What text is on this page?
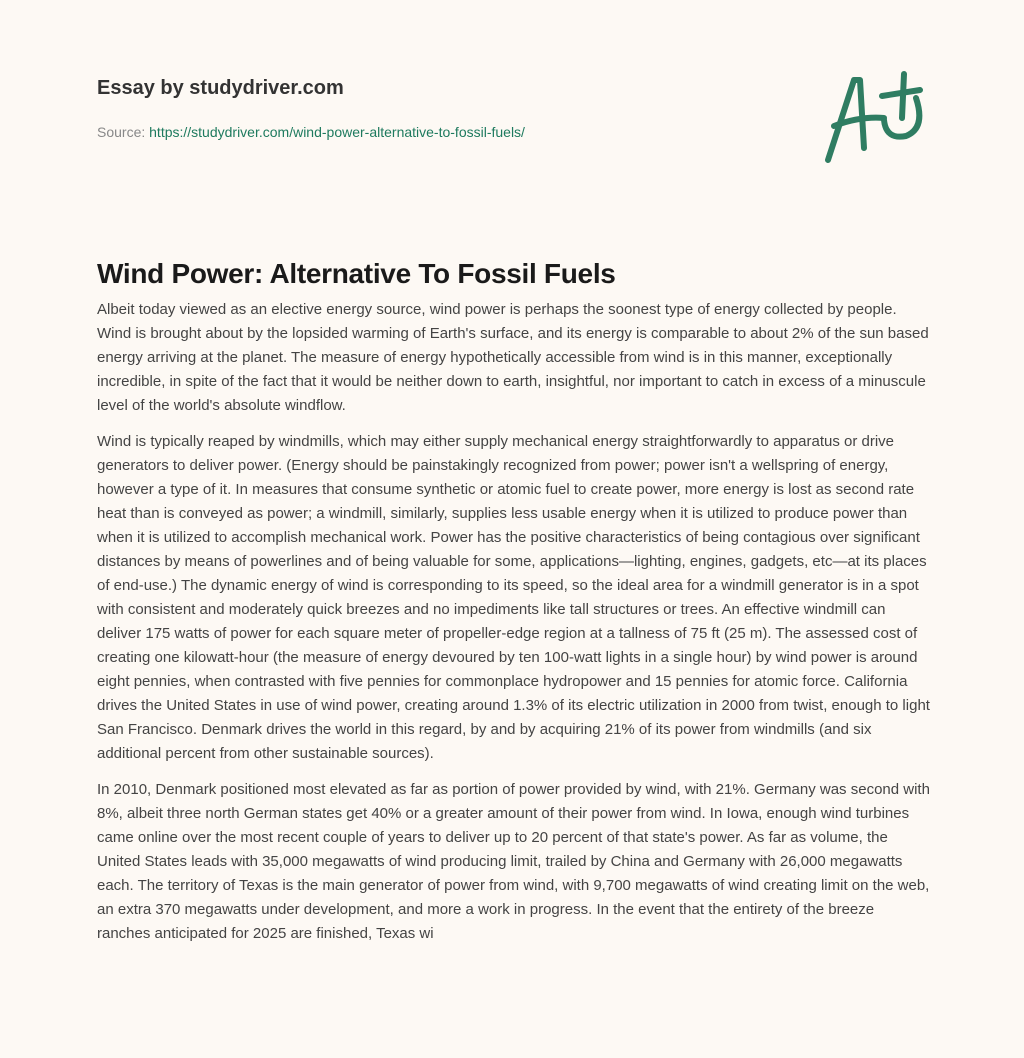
Essay by studydriver.com
Source: https://studydriver.com/wind-power-alternative-to-fossil-fuels/
Wind Power: Alternative To Fossil Fuels

Albeit today viewed as an elective energy source, wind power is perhaps the soonest type of energy collected by people. Wind is brought about by the lopsided warming of Earth's surface, and its energy is comparable to about 2% of the sun based energy arriving at the planet. The measure of energy hypothetically accessible from wind is in this manner, exceptionally incredible, in spite of the fact that it would be neither down to earth, insightful, nor important to catch in excess of a minuscule level of the world's absolute windflow.

Wind is typically reaped by windmills, which may either supply mechanical energy straightforwardly to apparatus or drive generators to deliver power. (Energy should be painstakingly recognized from power; power isn't a wellspring of energy, however a type of it. In measures that consume synthetic or atomic fuel to create power, more energy is lost as second rate heat than is conveyed as power; a windmill, similarly, supplies less usable energy when it is utilized to produce power than when it is utilized to accomplish mechanical work. Power has the positive characteristics of being contagious over significant distances by means of powerlines and of being valuable for some, applications—lighting, engines, gadgets, etc—at its places of end-use.) The dynamic energy of wind is corresponding to its speed, so the ideal area for a windmill generator is in a spot with consistent and moderately quick breezes and no impediments like tall structures or trees. An effective windmill can deliver 175 watts of power for each square meter of propeller-edge region at a tallness of 75 ft (25 m). The assessed cost of creating one kilowatt-hour (the measure of energy devoured by ten 100-watt lights in a single hour) by wind power is around eight pennies, when contrasted with five pennies for commonplace hydropower and 15 pennies for atomic force. California drives the United States in use of wind power, creating around 1.3% of its electric utilization in 2000 from twist, enough to light San Francisco. Denmark drives the world in this regard, by and by acquiring 21% of its power from windmills (and six additional percent from other sustainable sources).

In 2010, Denmark positioned most elevated as far as portion of power provided by wind, with 21%. Germany was second with 8%, albeit three north German states get 40% or a greater amount of their power from wind. In Iowa, enough wind turbines came online over the most recent couple of years to deliver up to 20 percent of that state's power. As far as volume, the United States leads with 35,000 megawatts of wind producing limit, trailed by China and Germany with 26,000 megawatts each. The territory of Texas is the main generator of power from wind, with 9,700 megawatts of wind creating limit on the web, an extra 370 megawatts under development, and more a work in progress. In the event that the entirety of the breeze ranches anticipated for 2025 are finished, Texas wi
